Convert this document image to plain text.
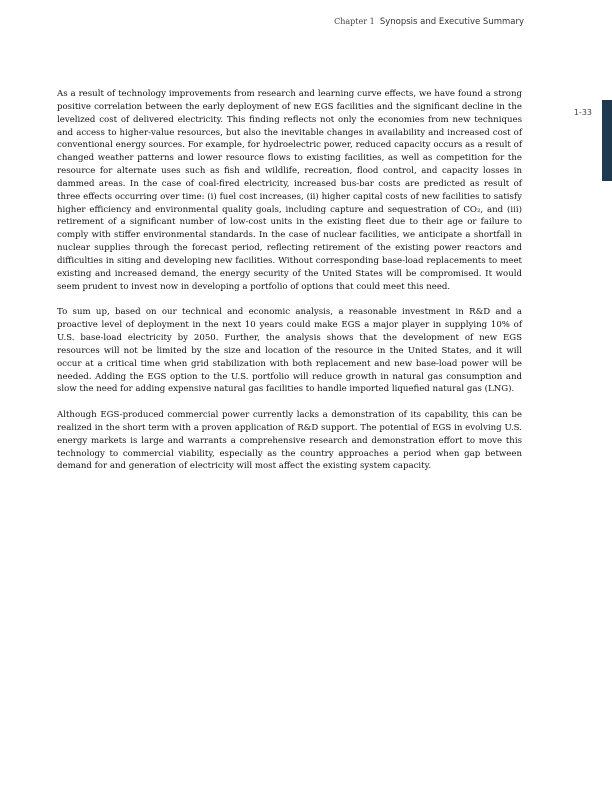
Chapter 1 Synopsis and Executive Summary
1-33

As a result of technology improvements from research and learning curve effects, we have found a strong positive correlation between the early deployment of new EGS facilities and the significant decline in the levelized cost of delivered electricity. This finding reflects not only the economies from new techniques and access to higher-value resources, but also the inevitable changes in availability and increased cost of conventional energy sources. For example, for hydroelectric power, reduced capacity occurs as a result of changed weather patterns and lower resource flows to existing facilities, as well as competition for the resource for alternate uses such as fish and wildlife, recreation, flood control, and capacity losses in dammed areas. In the case of coal-fired electricity, increased bus-bar costs are predicted as result of three effects occurring over time: (i) fuel cost increases, (ii) higher capital costs of new facilities to satisfy higher efficiency and environmental quality goals, including capture and sequestration of CO₂, and (iii) retirement of a significant number of low-cost units in the existing fleet due to their age or failure to comply with stiffer environmental standards. In the case of nuclear facilities, we anticipate a shortfall in nuclear supplies through the forecast period, reflecting retirement of the existing power reactors and difficulties in siting and developing new facilities. Without corresponding base-load replacements to meet existing and increased demand, the energy security of the United States will be compromised. It would seem prudent to invest now in developing a portfolio of options that could meet this need.

To sum up, based on our technical and economic analysis, a reasonable investment in R&D and a proactive level of deployment in the next 10 years could make EGS a major player in supplying 10% of U.S. base-load electricity by 2050. Further, the analysis shows that the development of new EGS resources will not be limited by the size and location of the resource in the United States, and it will occur at a critical time when grid stabilization with both replacement and new base-load power will be needed. Adding the EGS option to the U.S. portfolio will reduce growth in natural gas consumption and slow the need for adding expensive natural gas facilities to handle imported liquefied natural gas (LNG).

Although EGS-produced commercial power currently lacks a demonstration of its capability, this can be realized in the short term with a proven application of R&D support. The potential of EGS in evolving U.S. energy markets is large and warrants a comprehensive research and demonstration effort to move this technology to commercial viability, especially as the country approaches a period when gap between demand for and generation of electricity will most affect the existing system capacity.
